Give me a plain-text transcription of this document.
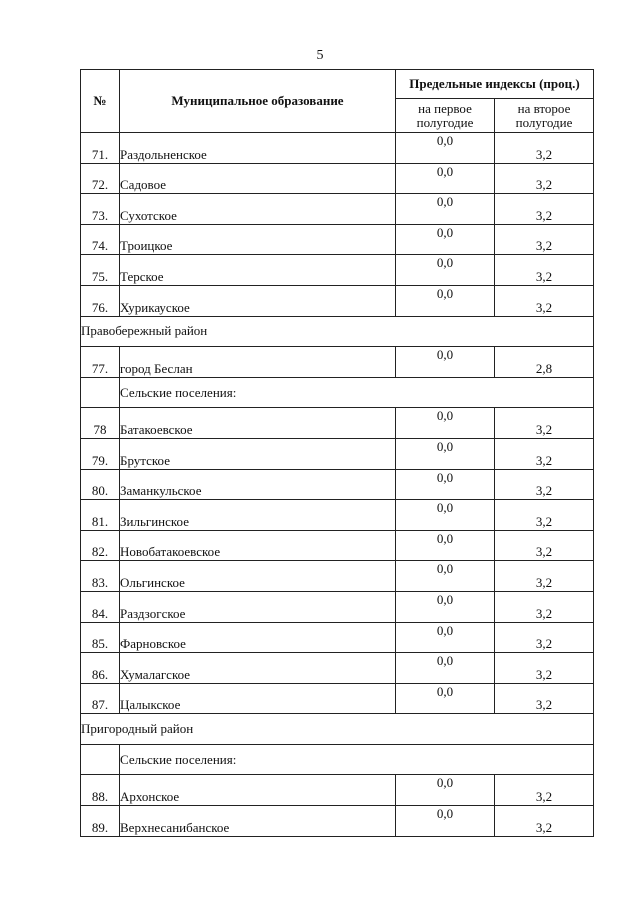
5
№	Муниципальное образование	Предельные индексы (проц.)	
		на первое полугодие	на второе полугодие
71.	Раздольненское	0,0	3,2
72.	Садовое	0,0	3,2
73.	Сухотское	0,0	3,2
74.	Троицкое	0,0	3,2
75.	Терское	0,0	3,2
76.	Хурикауское	0,0	3,2
Правобережный район			
77.	город Беслан	0,0	2,8
	Сельские поселения:		
78	Батакоевское	0,0	3,2
79.	Брутское	0,0	3,2
80.	Заманкульское	0,0	3,2
81.	Зильгинское	0,0	3,2
82.	Новобатакоевское	0,0	3,2
83.	Ольгинское	0,0	3,2
84.	Раздзогское	0,0	3,2
85.	Фарновское	0,0	3,2
86.	Хумалагское	0,0	3,2
87.	Цалыкское	0,0	3,2
Пригородный район			
	Сельские поселения:		
88.	Архонское	0,0	3,2
89.	Верхнесанибанское	0,0	3,2
